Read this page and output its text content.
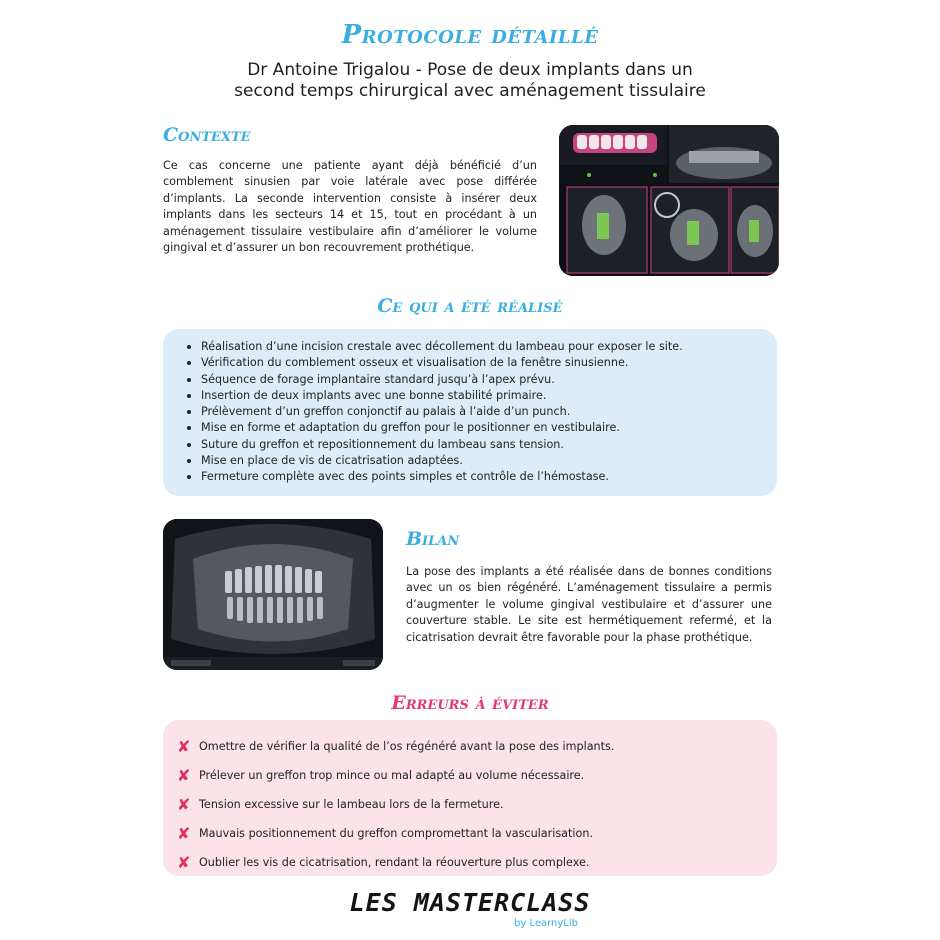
Protocole détaillé
Dr Antoine Trigalou - Pose de deux implants dans un
second temps chirurgical avec aménagement tissulaire
Contexte
Ce cas concerne une patiente ayant déjà bénéficié d’un comblement sinusien par voie latérale avec pose différée d’implants. La seconde intervention consiste à insérer deux implants dans les secteurs 14 et 15, tout en procédant à un aménagement tissulaire vestibulaire afin d’améliorer le volume gingival et d’assurer un bon recouvrement prothétique.
Ce qui a été réalisé
Réalisation d’une incision crestale avec décollement du lambeau pour exposer le site.
Vérification du comblement osseux et visualisation de la fenêtre sinusienne.
Séquence de forage implantaire standard jusqu’à l’apex prévu.
Insertion de deux implants avec une bonne stabilité primaire.
Prélèvement d’un greffon conjonctif au palais à l’aide d’un punch.
Mise en forme et adaptation du greffon pour le positionner en vestibulaire.
Suture du greffon et repositionnement du lambeau sans tension.
Mise en place de vis de cicatrisation adaptées.
Fermeture complète avec des points simples et contrôle de l’hémostase.
Bilan
La pose des implants a été réalisée dans de bonnes conditions avec un os bien régénéré. L’aménagement tissulaire a permis d’augmenter le volume gingival vestibulaire et d’assurer une couverture stable. Le site est hermétiquement refermé, et la cicatrisation devrait être favorable pour la phase prothétique.
Erreurs à éviter
✘ Omettre de vérifier la qualité de l’os régénéré avant la pose des implants.
✘ Prélever un greffon trop mince ou mal adapté au volume nécessaire.
✘ Tension excessive sur le lambeau lors de la fermeture.
✘ Mauvais positionnement du greffon compromettant la vascularisation.
✘ Oublier les vis de cicatrisation, rendant la réouverture plus complexe.
LES MASTERCLASS
by LearnyLib
